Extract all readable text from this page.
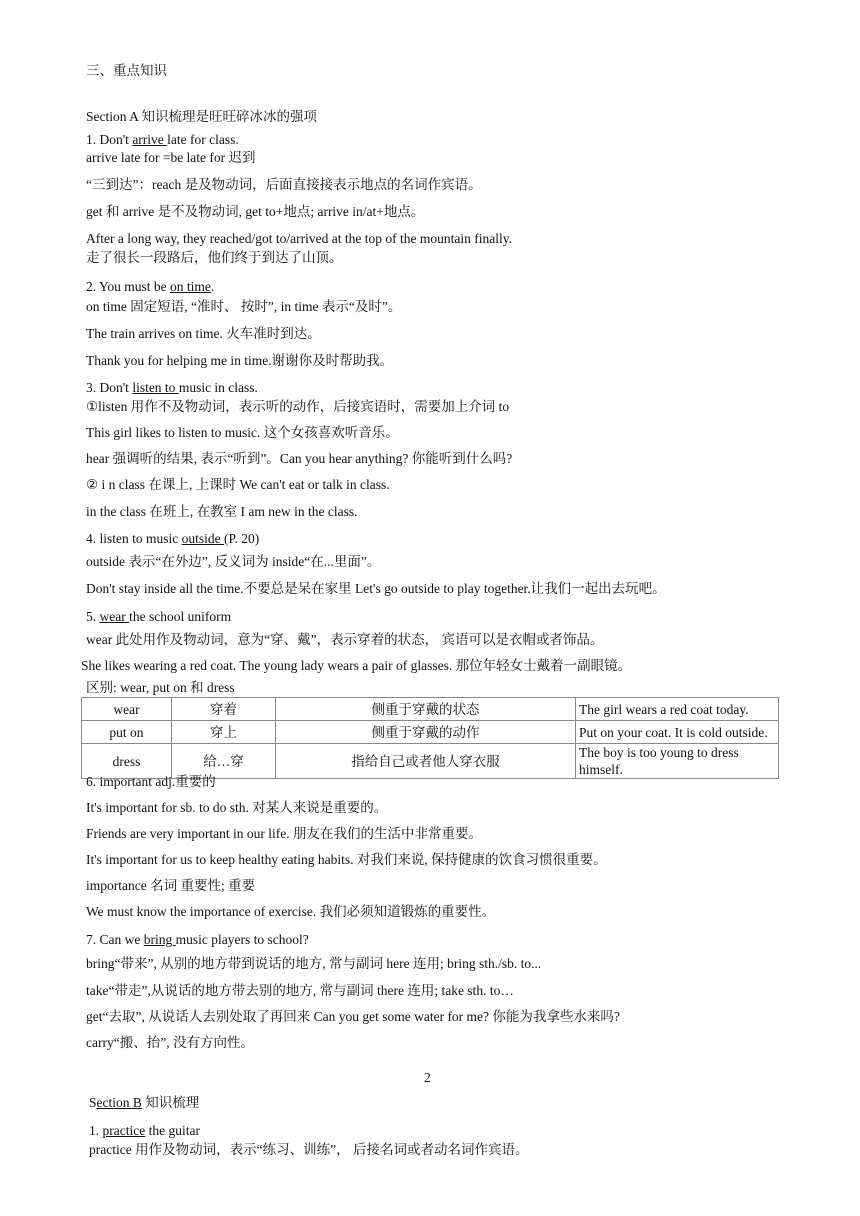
三、重点知识
Section A 知识梳理是旺旺碎冰冰的强项
1. Don't arrive late for class.
arrive late for =be late for 迟到
“三到达”：reach 是及物动词，后面直接接表示地点的名词作宾语。
get 和 arrive 是不及物动词, get to+地点; arrive in/at+地点。
After a long way, they reached/got to/arrived at the top of the mountain finally.
走了很长一段路后，他们终于到达了山顶。
2. You must be on time.
on time 固定短语, “准时、 按时”, in time 表示“及时”。
The train arrives on time. 火车准时到达。
Thank you for helping me in time.谢谢你及时帮助我。
3. Don't listen to music in class.
①listen 用作不及物动词，表示听的动作，后接宾语时，需要加上介词 to
This girl likes to listen to music. 这个女孩喜欢听音乐。
hear 强调听的结果, 表示“听到”。Can you hear anything? 你能听到什么吗?
② i n class 在课上, 上课时 We can't eat or talk in class.
in the class 在班上, 在教室 I am new in the class.
4. listen to music outside (P. 20)
outside 表示“在外边”, 反义词为 inside“在...里面”。
Don't stay inside all the time.不要总是呆在家里 Let's go outside to play together.让我们一起出去玩吧。
5. wear the school uniform
wear 此处用作及物动词，意为“穿、戴”，表示穿着的状态， 宾语可以是衣帽或者饰品。
She likes wearing a red coat. The young lady wears a pair of glasses. 那位年轻女士戴着一副眼镜。
区别: wear, put on 和 dress
wear	穿着	侧重于穿戴的状态	The girl wears a red coat today.
put on	穿上	侧重于穿戴的动作	Put on your coat. It is cold outside.
dress	给…穿	指给自己或者他人穿衣服	The boy is too young to dress himself.
6. important adj.重要的
It's important for sb. to do sth. 对某人来说是重要的。
Friends are very important in our life. 朋友在我们的生活中非常重要。
It's important for us to keep healthy eating habits. 对我们来说, 保持健康的饮食习惯很重要。
importance 名词 重要性; 重要
We must know the importance of exercise. 我们必须知道锻炼的重要性。
7. Can we bring music players to school?
bring“带来”, 从别的地方带到说话的地方, 常与副词 here 连用; bring sth./sb. to...
take“带走”,从说话的地方带去别的地方, 常与副词 there 连用; take sth. to…
get“去取”, 从说话人去别处取了再回来 Can you get some water for me? 你能为我拿些水来吗?
carry“搬、抬”, 没有方向性。
2
Section B 知识梳理
1. practice the guitar
practice 用作及物动词，表示“练习、训练”， 后接名词或者动名词作宾语。
